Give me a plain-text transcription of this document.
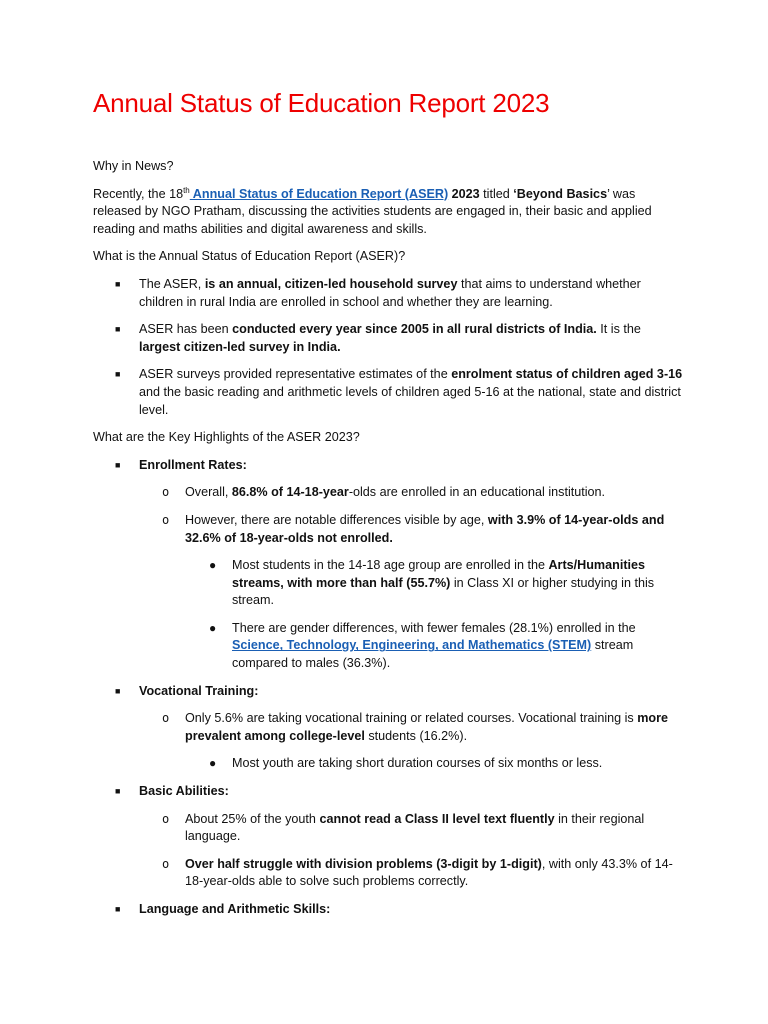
Annual Status of Education Report 2023

Why in News?

Recently, the 18th Annual Status of Education Report (ASER) 2023 titled ‘Beyond Basics’ was released by NGO Pratham, discussing the activities students are engaged in, their basic and applied reading and maths abilities and digital awareness and skills.

What is the Annual Status of Education Report (ASER)?

■ The ASER, is an annual, citizen-led household survey that aims to understand whether children in rural India are enrolled in school and whether they are learning.
■ ASER has been conducted every year since 2005 in all rural districts of India. It is the largest citizen-led survey in India.
■ ASER surveys provided representative estimates of the enrolment status of children aged 3-16 and the basic reading and arithmetic levels of children aged 5-16 at the national, state and district level.

What are the Key Highlights of the ASER 2023?

■ Enrollment Rates:
o Overall, 86.8% of 14-18-year-olds are enrolled in an educational institution.
o However, there are notable differences visible by age, with 3.9% of 14-year-olds and 32.6% of 18-year-olds not enrolled.
● Most students in the 14-18 age group are enrolled in the Arts/Humanities streams, with more than half (55.7%) in Class XI or higher studying in this stream.
● There are gender differences, with fewer females (28.1%) enrolled in the Science, Technology, Engineering, and Mathematics (STEM) stream compared to males (36.3%).
■ Vocational Training:
o Only 5.6% are taking vocational training or related courses. Vocational training is more prevalent among college-level students (16.2%).
● Most youth are taking short duration courses of six months or less.
■ Basic Abilities:
o About 25% of the youth cannot read a Class II level text fluently in their regional language.
o Over half struggle with division problems (3-digit by 1-digit), with only 43.3% of 14-18-year-olds able to solve such problems correctly.
■ Language and Arithmetic Skills:
